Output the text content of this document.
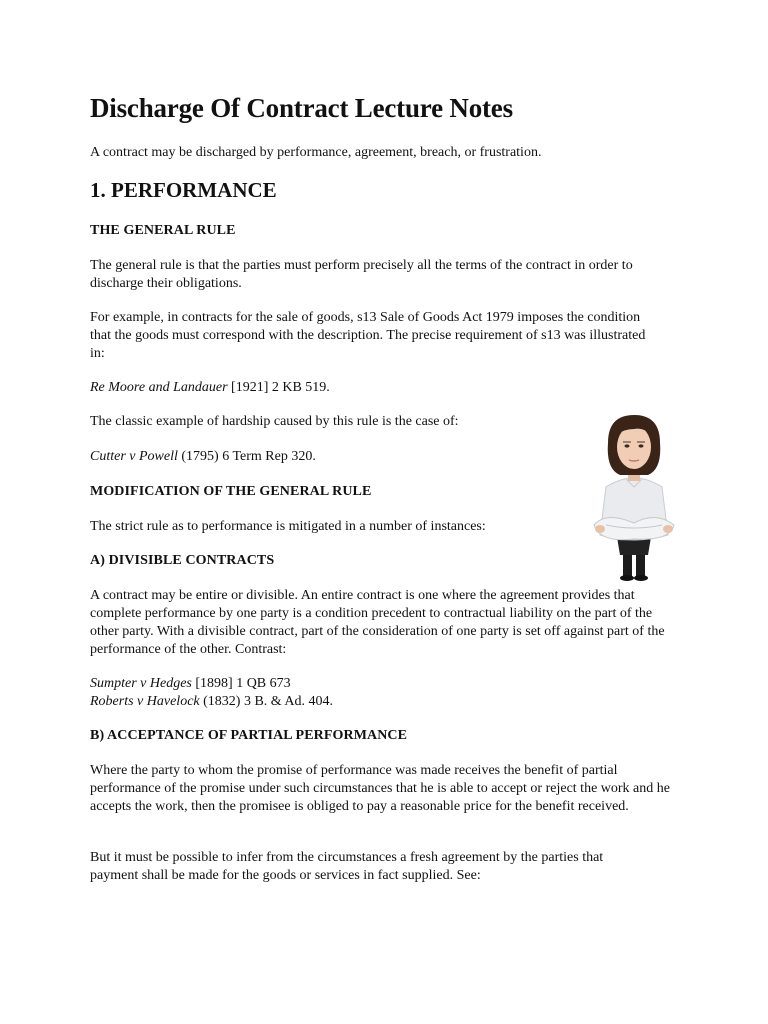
Discharge Of Contract Lecture Notes

A contract may be discharged by performance, agreement, breach, or frustration.

1. PERFORMANCE
THE GENERAL RULE

The general rule is that the parties must perform precisely all the terms of the contract in order to discharge their obligations.

For example, in contracts for the sale of goods, s13 Sale of Goods Act 1979 imposes the condition that the goods must correspond with the description. The precise requirement of s13 was illustrated in:

Re Moore and Landauer [1921] 2 KB 519.

The classic example of hardship caused by this rule is the case of:

Cutter v Powell (1795) 6 Term Rep 320.

MODIFICATION OF THE GENERAL RULE

The strict rule as to performance is mitigated in a number of instances:

A) DIVISIBLE CONTRACTS

A contract may be entire or divisible. An entire contract is one where the agreement provides that complete performance by one party is a condition precedent to contractual liability on the part of the other party. With a divisible contract, part of the consideration of one party is set off against part of the performance of the other. Contrast:

Sumpter v Hedges [1898] 1 QB 673

Roberts v Havelock (1832) 3 B. & Ad. 404.

B) ACCEPTANCE OF PARTIAL PERFORMANCE

Where the party to whom the promise of performance was made receives the benefit of partial performance of the promise under such circumstances that he is able to accept or reject the work and he accepts the work, then the promisee is obliged to pay a reasonable price for the benefit received.

But it must be possible to infer from the circumstances a fresh agreement by the parties that payment shall be made for the goods or services in fact supplied. See:
